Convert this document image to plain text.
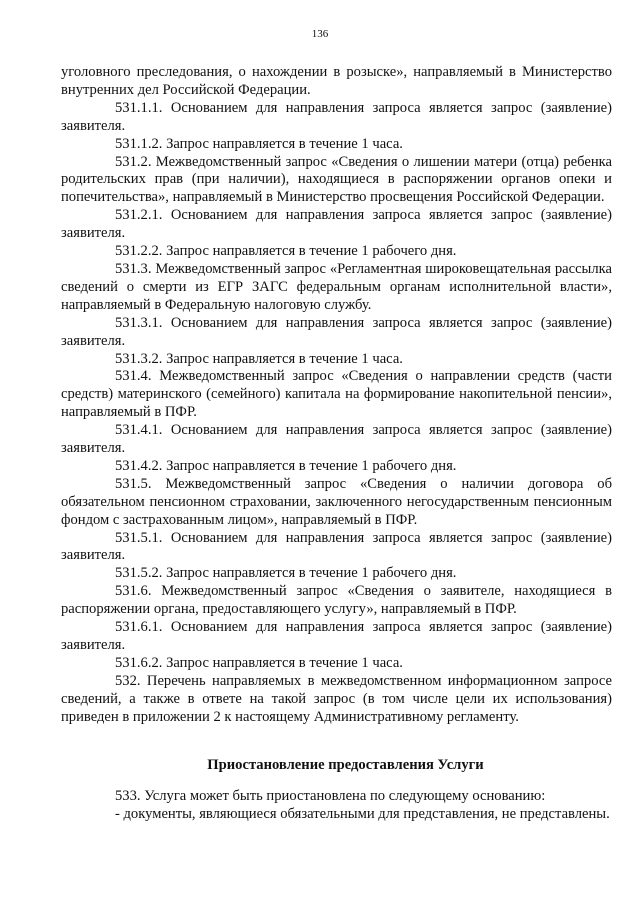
136

уголовного преследования, о нахождении в розыске», направляемый в Министерство внутренних дел Российской Федерации.

531.1.1. Основанием для направления запроса является запрос (заявление) заявителя.

531.1.2. Запрос направляется в течение 1 часа.

531.2. Межведомственный запрос «Сведения о лишении матери (отца) ребенка родительских прав (при наличии), находящиеся в распоряжении органов опеки и попечительства», направляемый в Министерство просвещения Российской Федерации.

531.2.1. Основанием для направления запроса является запрос (заявление) заявителя.

531.2.2. Запрос направляется в течение 1 рабочего дня.

531.3. Межведомственный запрос «Регламентная широковещательная рассылка сведений о смерти из ЕГР ЗАГС федеральным органам исполнительной власти», направляемый в Федеральную налоговую службу.

531.3.1. Основанием для направления запроса является запрос (заявление) заявителя.

531.3.2. Запрос направляется в течение 1 часа.

531.4. Межведомственный запрос «Сведения о направлении средств (части средств) материнского (семейного) капитала на формирование накопительной пенсии», направляемый в ПФР.

531.4.1. Основанием для направления запроса является запрос (заявление) заявителя.

531.4.2. Запрос направляется в течение 1 рабочего дня.

531.5. Межведомственный запрос «Сведения о наличии договора об обязательном пенсионном страховании, заключенного негосударственным пенсионным фондом с застрахованным лицом», направляемый в ПФР.

531.5.1. Основанием для направления запроса является запрос (заявление) заявителя.

531.5.2. Запрос направляется в течение 1 рабочего дня.

531.6. Межведомственный запрос «Сведения о заявителе, находящиеся в распоряжении органа, предоставляющего услугу», направляемый в ПФР.

531.6.1. Основанием для направления запроса является запрос (заявление) заявителя.

531.6.2. Запрос направляется в течение 1 часа.

532. Перечень направляемых в межведомственном информационном запросе сведений, а также в ответе на такой запрос (в том числе цели их использования) приведен в приложении 2 к настоящему Административному регламенту.

Приостановление предоставления Услуги

533. Услуга может быть приостановлена по следующему основанию:

- документы, являющиеся обязательными для представления, не представлены.
